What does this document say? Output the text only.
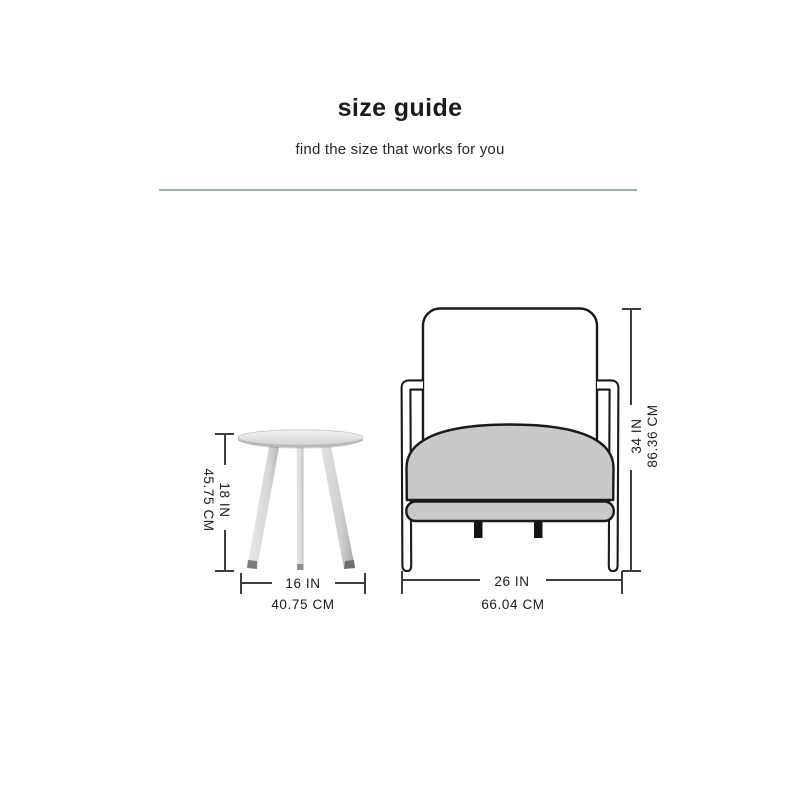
size guide

find the size that works for you

18 IN
45.75 CM
16 IN
40.75 CM
34 IN 86.36 CM
26 IN
66.04 CM
